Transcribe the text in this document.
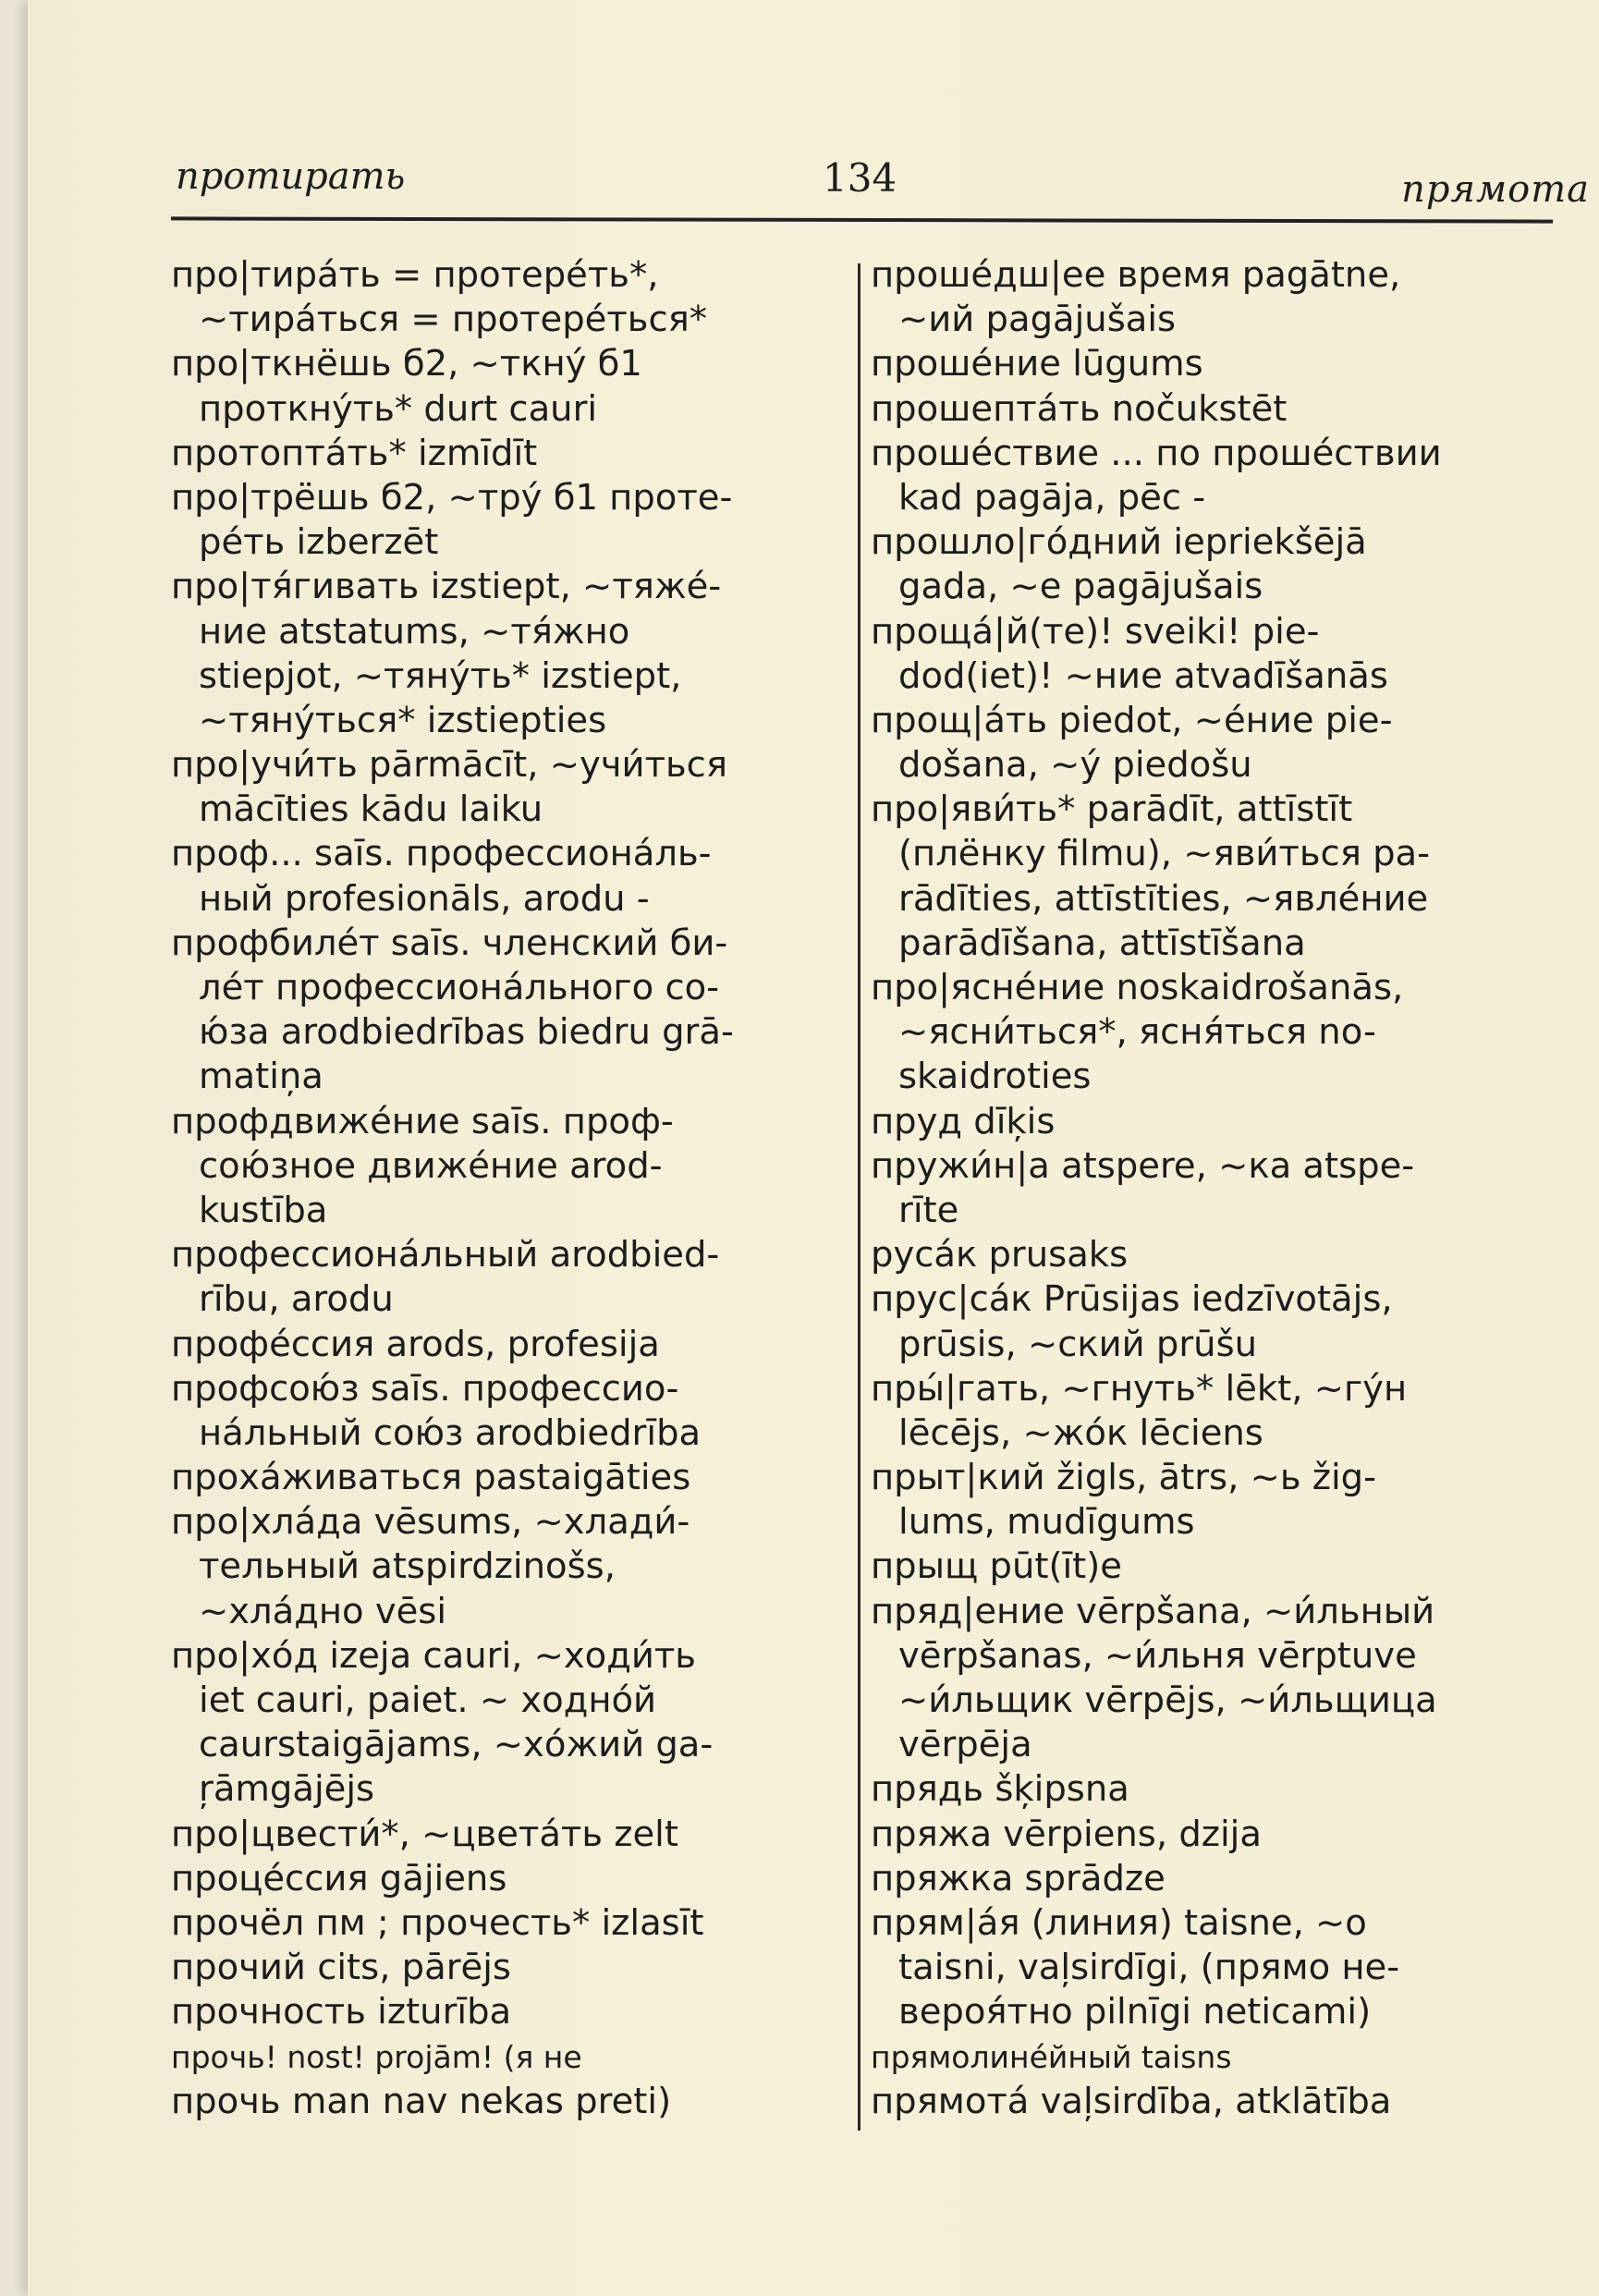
протирать	134	прямота
про|тира́ть = протере́ть*,
~тира́ться = протере́ться*
про|ткнёшь б2, ~ткну́ б1
проткну́ть* durt cauri
протопта́ть* izmīdīt
про|трёшь б2, ~тру́ б1 проте-
ре́ть izberzēt
про|тя́гивать izstiept, ~тяже́-
ние atstatums, ~тя́жно
stiepjot, ~тяну́ть* izstiept,
~тяну́ться* izstiepties
про|учи́ть pārmācīt, ~учи́ться
mācīties kādu laiku
проф... saīs. профессиона́ль-
ный profesionāls, arodu -
профбиле́т saīs. членский би-
ле́т профессиона́льного со-
ю́за arodbiedrības biedru grā-
matiņa
профдвиже́ние saīs. проф-
сою́зное движе́ние arod-
kustība
профессиона́льный arodbied-
rību, arodu
профе́ссия arods, profesija
профсою́з saīs. профессио-
на́льный сою́з arodbiedrība
проха́живаться pastaigāties
про|хла́да vēsums, ~хлади́-
тельный atspirdzinošs,
~хла́дно vēsi
про|хо́д izeja cauri, ~ходи́ть
iet cauri, paiet. ~ ходно́й
caurstaigājams, ~хо́жий ga-
ŗāmgājējs
про|цвести́*, ~цвета́ть zelt
проце́ссия gājiens
прочёл пм ; прочесть* izlasīt
прочий cits, pārējs
прочность izturība
прочь! nost! projām! (я не
прочь man nav nekas preti)
проше́дш|ее время pagātne,
~ий pagājušais
проше́ние lūgums
прошепта́ть nočukstēt
проше́ствие ... по проше́ствии
kad pagāja, pēc -
прошло|го́дний iepriekšējā
gada, ~е pagājušais
проща́|й(те)! sveiki! pie-
dod(iet)! ~ние atvadīšanās
прощ|а́ть piedot, ~е́ние pie-
došana, ~у́ piedošu
про|яви́ть* parādīt, attīstīt
(плёнку filmu), ~яви́ться ра-
rādīties, attīstīties, ~явле́ние
parādīšana, attīstīšana
про|ясне́ние noskaidrošanās,
~ясни́ться*, ясня́ться no-
skaidroties
пруд dīķis
пружи́н|а atspere, ~ка atspe-
rīte
руса́к prusaks
прус|са́к Prūsijas iedzīvotājs,
prūsis, ~ский prūšu
пры́|гать, ~гнуть* lēkt, ~гу́н
lēcējs, ~жо́к lēciens
прыт|кий žigls, ātrs, ~ь žig-
lums, mudīgums
прыщ pūt(īt)e
пряд|ение vērpšana, ~и́льный
vērpšanas, ~и́льня vērptuve
~и́льщик vērpējs, ~и́льщица
vērpēja
прядь šķipsna
пряжа vērpiens, dzija
пряжка sprādze
прям|а́я (линия) taisne, ~о
taisni, vaļsirdīgi, (прямо не-
вероя́тно pilnīgi neticami)
прямолине́йный taisns
прямота́ vaļsirdība, atklātība
